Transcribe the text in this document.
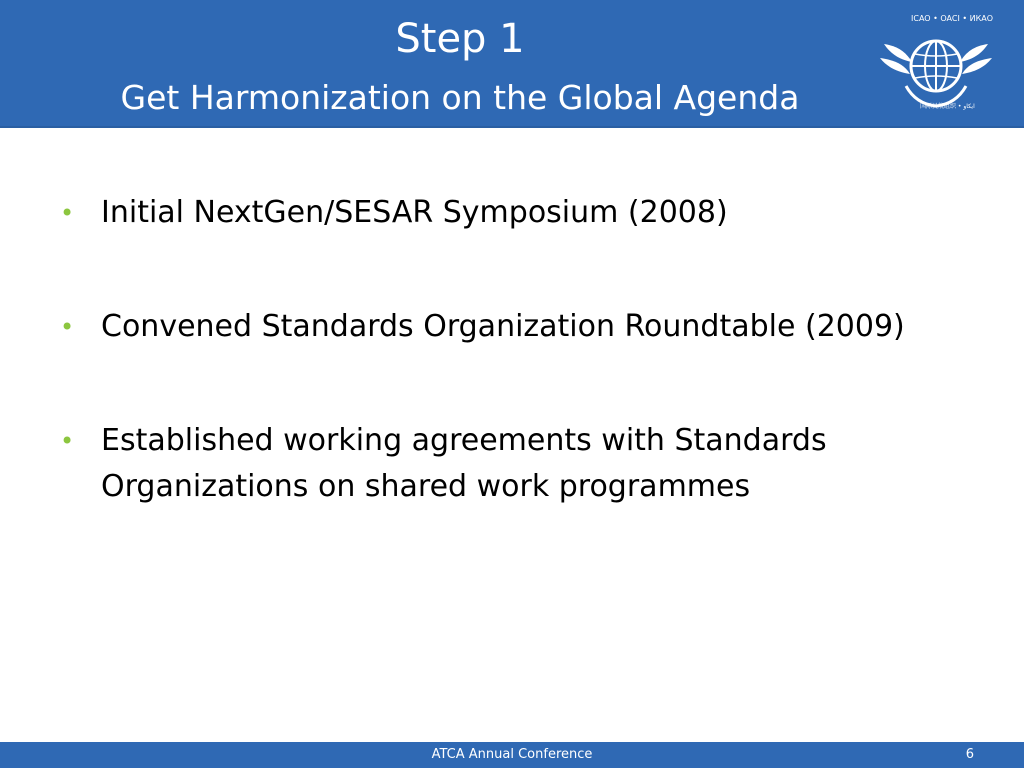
Step 1
Get Harmonization on the Global Agenda
ICAO • OACI • ИКАО
国际民航组织 • ايكاو
• Initial NextGen/SESAR Symposium (2008)
• Convened Standards Organization Roundtable (2009)
• Established working agreements with Standards Organizations on shared work programmes
ATCA Annual Conference	6
